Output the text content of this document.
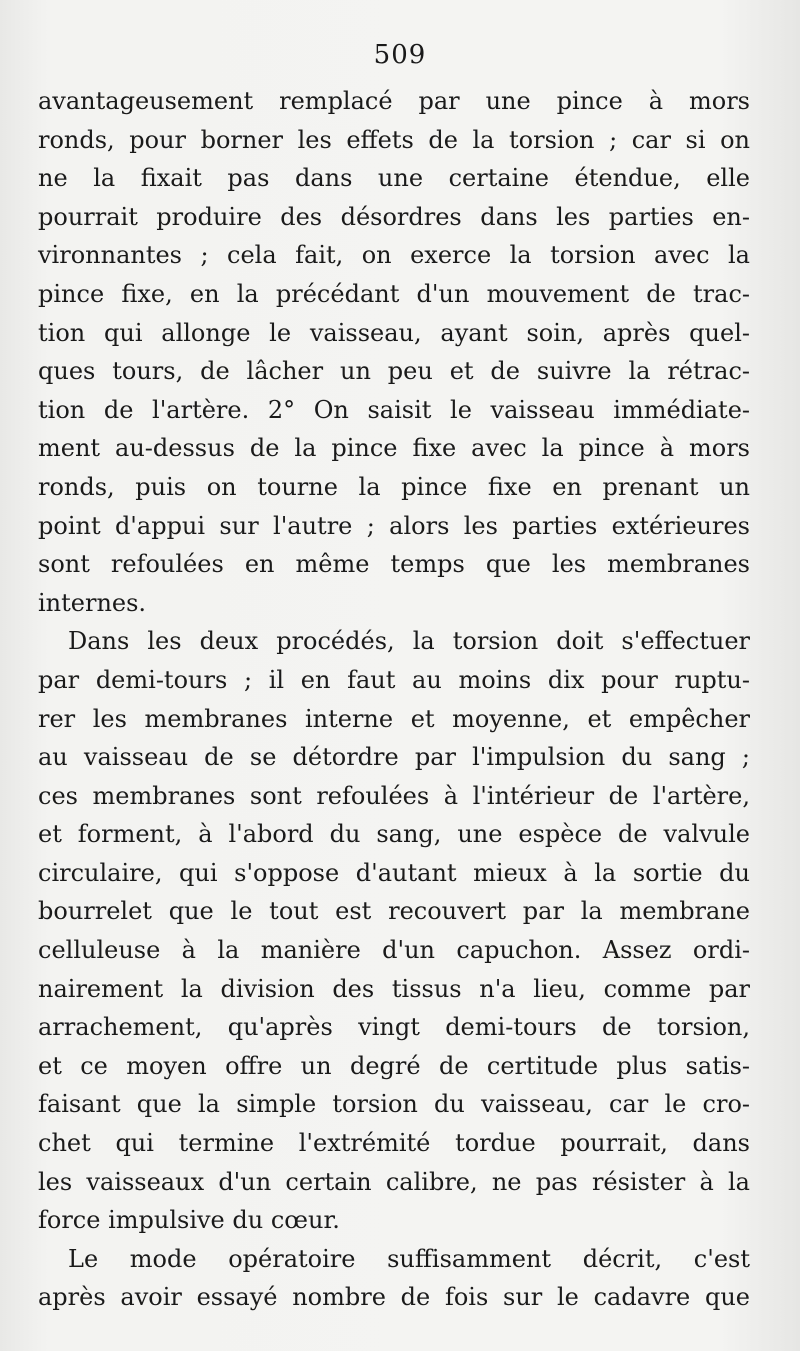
509
avantageusement remplacé par une pince à mors
ronds, pour borner les effets de la torsion ; car si on
ne la fixait pas dans une certaine étendue, elle
pourrait produire des désordres dans les parties en-
vironnantes ; cela fait, on exerce la torsion avec la
pince fixe, en la précédant d'un mouvement de trac-
tion qui allonge le vaisseau, ayant soin, après quel-
ques tours, de lâcher un peu et de suivre la rétrac-
tion de l'artère. 2° On saisit le vaisseau immédiate-
ment au-dessus de la pince fixe avec la pince à mors
ronds, puis on tourne la pince fixe en prenant un
point d'appui sur l'autre ; alors les parties extérieures
sont refoulées en même temps que les membranes
internes.
Dans les deux procédés, la torsion doit s'effectuer
par demi-tours ; il en faut au moins dix pour ruptu-
rer les membranes interne et moyenne, et empêcher
au vaisseau de se détordre par l'impulsion du sang ;
ces membranes sont refoulées à l'intérieur de l'artère,
et forment, à l'abord du sang, une espèce de valvule
circulaire, qui s'oppose d'autant mieux à la sortie du
bourrelet que le tout est recouvert par la membrane
celluleuse à la manière d'un capuchon. Assez ordi-
nairement la division des tissus n'a lieu, comme par
arrachement, qu'après vingt demi-tours de torsion,
et ce moyen offre un degré de certitude plus satis-
faisant que la simple torsion du vaisseau, car le cro-
chet qui termine l'extrémité tordue pourrait, dans
les vaisseaux d'un certain calibre, ne pas résister à la
force impulsive du cœur.
Le mode opératoire suffisamment décrit, c'est
après avoir essayé nombre de fois sur le cadavre que
